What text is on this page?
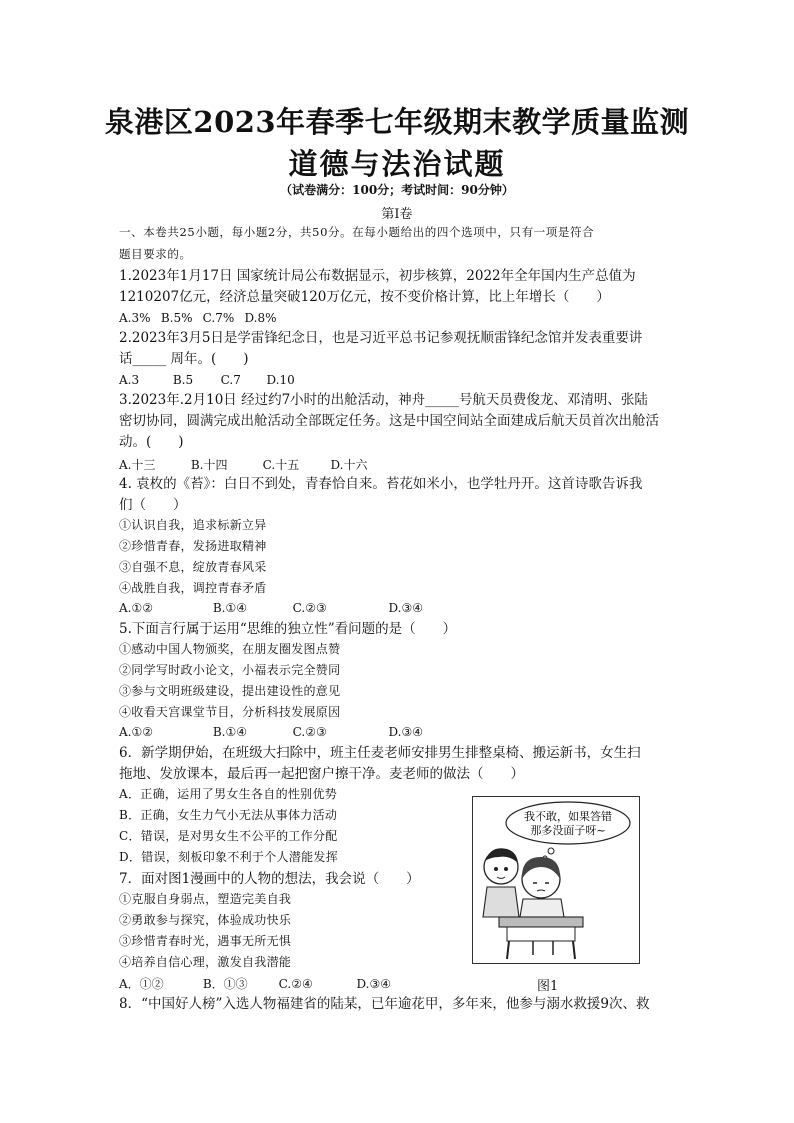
泉港区2023年春季七年级期末教学质量监测
道德与法治试题
（试卷满分：100分；考试时间：90分钟）
第Ⅰ卷
一、本卷共25小题，每小题2分，共50分。在每小题给出的四个选项中，只有一项是符合
题目要求的。
1.2023年1月17日 国家统计局公布数据显示，初步核算，2022年全年国内生产总值为
1210207亿元，经济总量突破120万亿元，按不变价格计算，比上年增长（　　）
A.3% B.5% C.7% D.8%
2.2023年3月5日是学雷锋纪念日，也是习近平总书记参观抚顺雷锋纪念馆并发表重要讲
话_____ 周年。(　　)
A.3	B.5 C.7 D.10
3.2023年.2月10日 经过约7小时的出舱活动，神舟_____号航天员费俊龙、邓清明、张陆
密切协同，圆满完成出舱活动全部既定任务。这是中国空间站全面建成后航天员首次出舱活
动。(　　)
A.十三	B.十四	C.十五	D.十六
4. 袁枚的《苔》：白日不到处，青春恰自来。苔花如米小，也学牡丹开。这首诗歌告诉我
们（　　）
①认识自我，追求标新立异
②珍惜青春，发扬进取精神
③自强不息，绽放青春风采
④战胜自我，调控青春矛盾
A.①②	B.①④	C.②③	D.③④
5.下面言行属于运用“思维的独立性”看问题的是（　　）
①感动中国人物颁奖，在朋友圈发图点赞
②同学写时政小论文，小福表示完全赞同
③参与文明班级建设，提出建设性的意见
④收看天宫课堂节目，分析科技发展原因
A.①②	B.①④	C.②③	D.③④
6．新学期伊始，在班级大扫除中，班主任麦老师安排男生排整桌椅、搬运新书，女生扫
拖地、发放课本，最后再一起把窗户擦干净。麦老师的做法（　　）
A．正确，运用了男女生各自的性别优势
B．正确，女生力气小无法从事体力活动
C．错误，是对男女生不公平的工作分配
D．错误，刻板印象不利于个人潜能发挥
7．面对图1漫画中的人物的想法，我会说（　　）
①克服自身弱点，塑造完美自我
②勇敢参与探究，体验成功快乐
③珍惜青春时光，遇事无所无惧
④培养自信心理，激发自我潜能
A．①②	B．①③	C.②④	D.③④
8．“中国好人榜”入选人物福建省的陆某，已年逾花甲，多年来，他参与溺水救援9次、救
我不敢，如果答错
那多没面子呀~
图1
